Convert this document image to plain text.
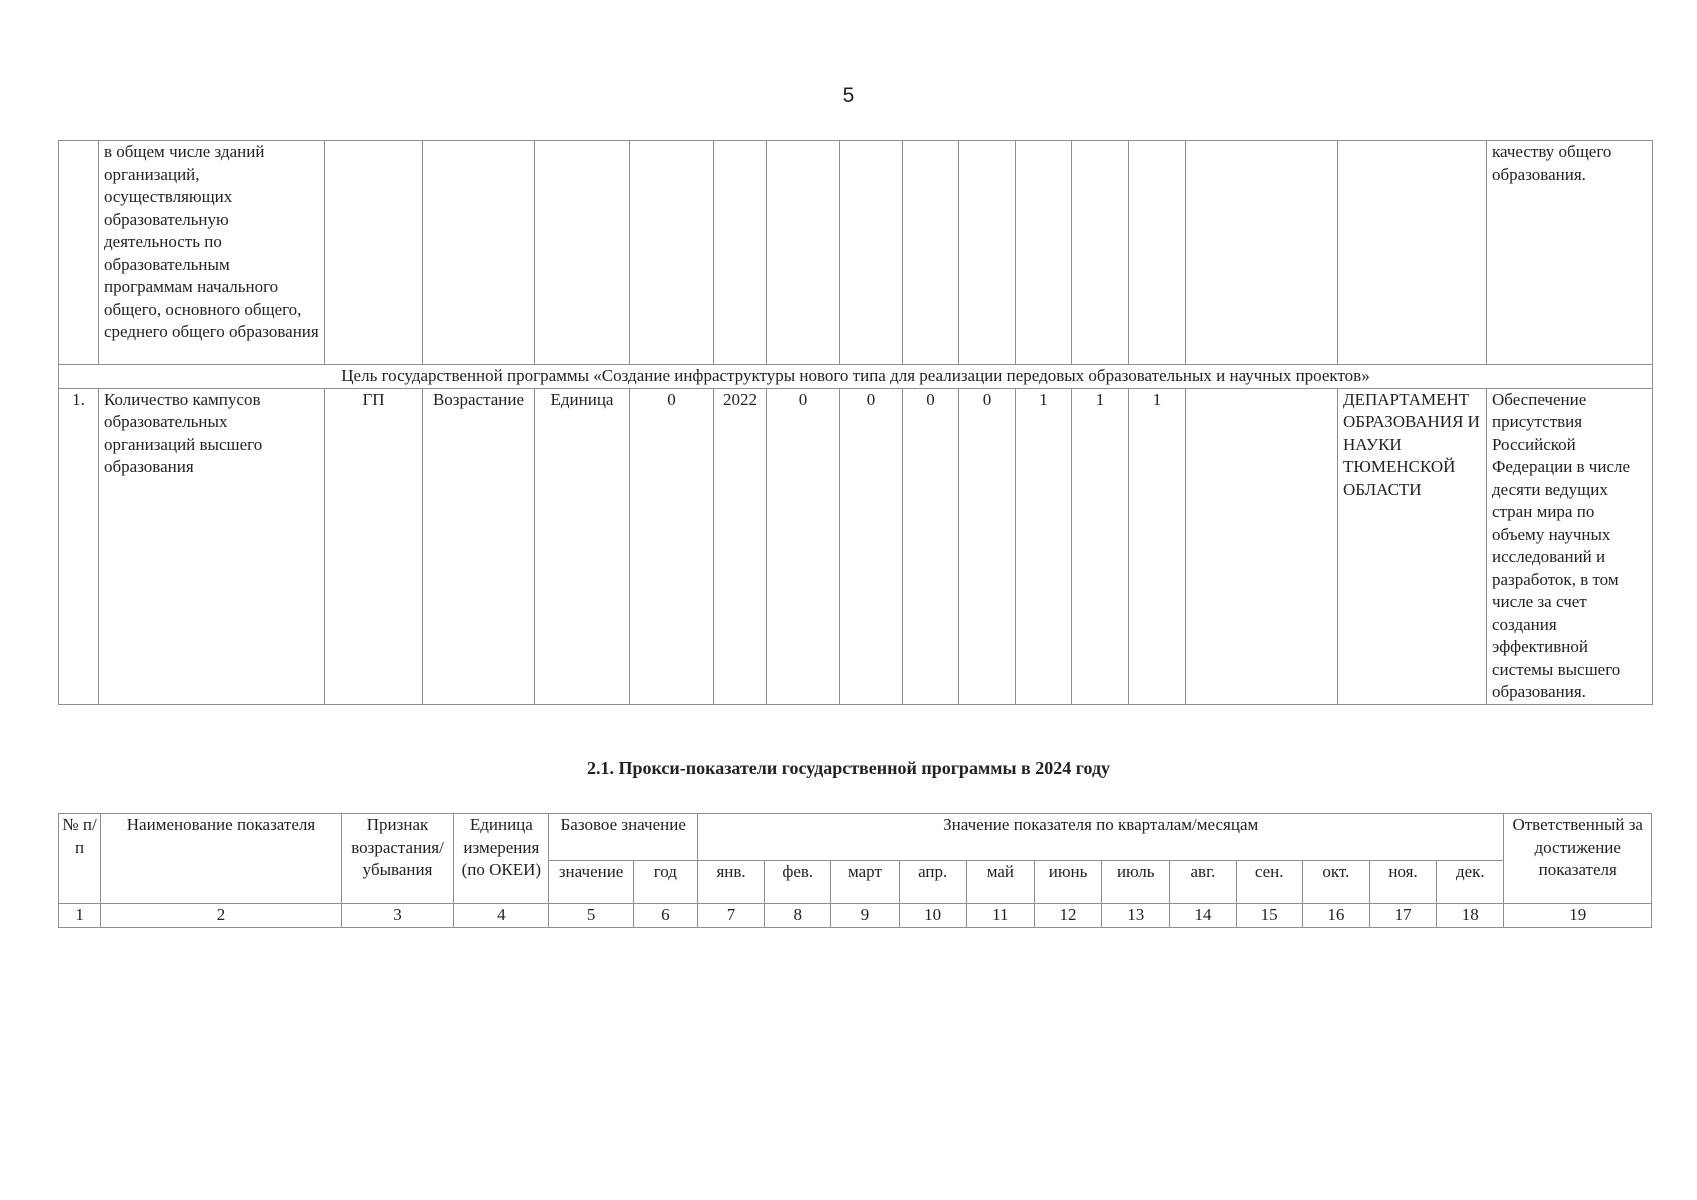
5
	в общем числе зданий организаций, осуществляющих образовательную деятельность по образовательным программам начального общего, основного общего, среднего общего образования															качеству общего образования.
Цель государственной программы «Создание инфраструктуры нового типа для реализации передовых образовательных и научных проектов»																
1.	Количество кампусов образовательных организаций высшего образования	ГП	Возрастание	Единица	0	2022	0	0	0	0	1	1	1		ДЕПАРТАМЕНТ ОБРАЗОВАНИЯ И НАУКИ ТЮМЕНСКОЙ ОБЛАСТИ	Обеспечение присутствия Российской Федерации в числе десяти ведущих стран мира по объему научных исследований и разработок, в том числе за счет создания эффективной системы высшего образования.
2.1. Прокси-показатели государственной программы в 2024 году
№ п/п	Наименование показателя	Признак возрастания/ убывания	Единица измерения (по ОКЕИ)	Базовое значение		Значение показателя по кварталам/месяцам												Ответственный за достижение показателя
				значение	год	янв.	фев.	март	апр.	май	июнь	июль	авг.	сен.	окт.	ноя.	дек.	
1	2	3	4	5	6	7	8	9	10	11	12	13	14	15	16	17	18	19
